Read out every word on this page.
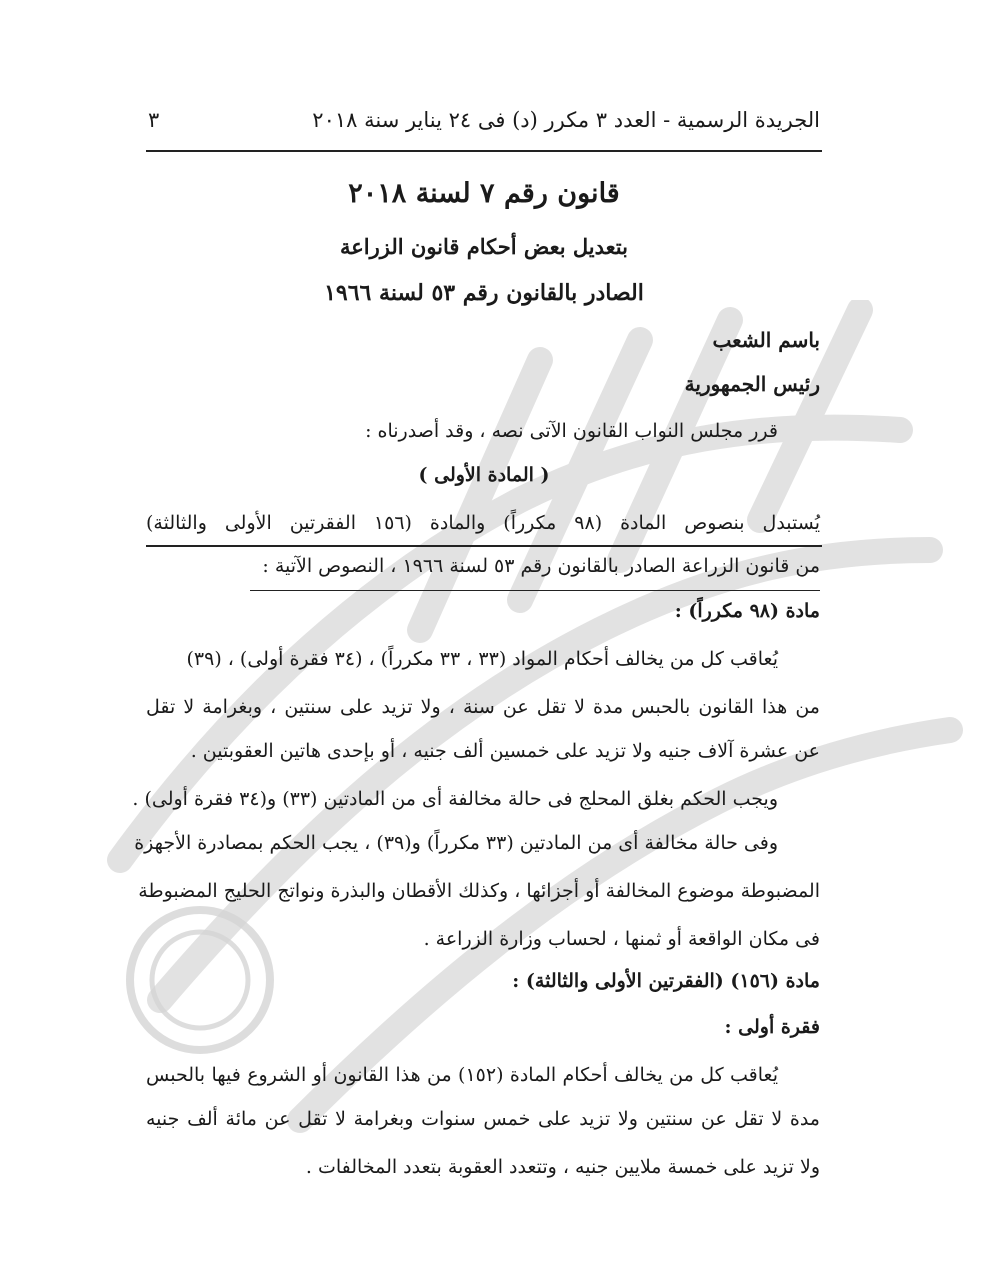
الجريدة الرسمية - العدد ٣ مكرر (د) فى ٢٤ يناير سنة ٢٠١٨
٣
قانون رقم ٧ لسنة ٢٠١٨
بتعديل بعض أحكام قانون الزراعة
الصادر بالقانون رقم ٥٣ لسنة ١٩٦٦
باسم الشعب
رئيس الجمهورية
قرر مجلس النواب القانون الآتى نصه ، وقد أصدرناه :
( المادة الأولى )
يُستبدل بنصوص المادة (٩٨ مكرراً) والمادة (١٥٦ الفقرتين الأولى والثالثة)
من قانون الزراعة الصادر بالقانون رقم ٥٣ لسنة ١٩٦٦ ، النصوص الآتية :
مادة (٩٨ مكرراً) :
يُعاقب كل من يخالف أحكام المواد (٣٣ ، ٣٣ مكرراً) ، (٣٤ فقرة أولى) ، (٣٩)
من هذا القانون بالحبس مدة لا تقل عن سنة ، ولا تزيد على سنتين ، وبغرامة لا تقل
عن عشرة آلاف جنيه ولا تزيد على خمسين ألف جنيه ، أو بإحدى هاتين العقوبتين .
ويجب الحكم بغلق المحلج فى حالة مخالفة أى من المادتين (٣٣) و(٣٤ فقرة أولى) .
وفى حالة مخالفة أى من المادتين (٣٣ مكرراً) و(٣٩) ، يجب الحكم بمصادرة الأجهزة
المضبوطة موضوع المخالفة أو أجزائها ، وكذلك الأقطان والبذرة ونواتج الحليج المضبوطة
فى مكان الواقعة أو ثمنها ، لحساب وزارة الزراعة .
مادة (١٥٦) (الفقرتين الأولى والثالثة) :
فقرة أولى :
يُعاقب كل من يخالف أحكام المادة (١٥٢) من هذا القانون أو الشروع فيها بالحبس
مدة لا تقل عن سنتين ولا تزيد على خمس سنوات وبغرامة لا تقل عن مائة ألف جنيه
ولا تزيد على خمسة ملايين جنيه ، وتتعدد العقوبة بتعدد المخالفات .
